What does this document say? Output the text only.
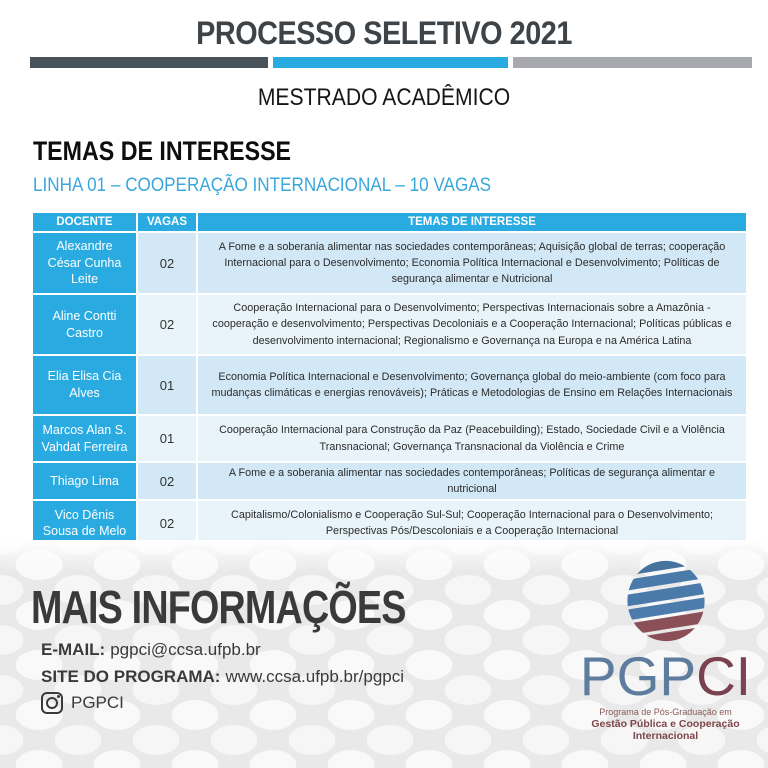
PROCESSO SELETIVO 2021
MESTRADO ACADÊMICO
TEMAS DE INTERESSE
LINHA 01 – COOPERAÇÃO INTERNACIONAL – 10 VAGAS
DOCENTE	VAGAS	TEMAS DE INTERESSE
Alexandre César Cunha Leite	02	A Fome e a soberania alimentar nas sociedades contemporâneas; Aquisição global de terras; cooperação Internacional para o Desenvolvimento; Economia Política Internacional e Desenvolvimento; Políticas de segurança alimentar e Nutricional
Aline Contti Castro	02	Cooperação Internacional para o Desenvolvimento; Perspectivas Internacionais sobre a Amazônia - cooperação e desenvolvimento; Perspectivas Decoloniais e a Cooperação Internacional; Políticas públicas e desenvolvimento internacional; Regionalismo e Governança na Europa e na América Latina
Elia Elisa Cia Alves	01	Economia Política Internacional e Desenvolvimento; Governança global do meio-ambiente (com foco para mudanças climáticas e energias renováveis); Práticas e Metodologias de Ensino em Relações Internacionais
Marcos Alan S. Vahdat Ferreira	01	Cooperação Internacional para Construção da Paz (Peacebuilding); Estado, Sociedade Civil e a Violência Transnacional; Governança Transnacional da Violência e Crime
Thiago Lima	02	A Fome e a soberania alimentar nas sociedades contemporâneas; Políticas de segurança alimentar e nutricional
Vico Dênis Sousa de Melo	02	Capitalismo/Colonialismo e Cooperação Sul-Sul; Cooperação Internacional para o Desenvolvimento; Perspectivas Pós/Descoloniais e a Cooperação Internacional
MAIS INFORMAÇÕES
E-MAIL: pgpci@ccsa.ufpb.br
SITE DO PROGRAMA: www.ccsa.ufpb.br/pgpci
PGPCI	PGPCI
Programa de Pós-Graduação em
Gestão Pública e Cooperação Internacional
